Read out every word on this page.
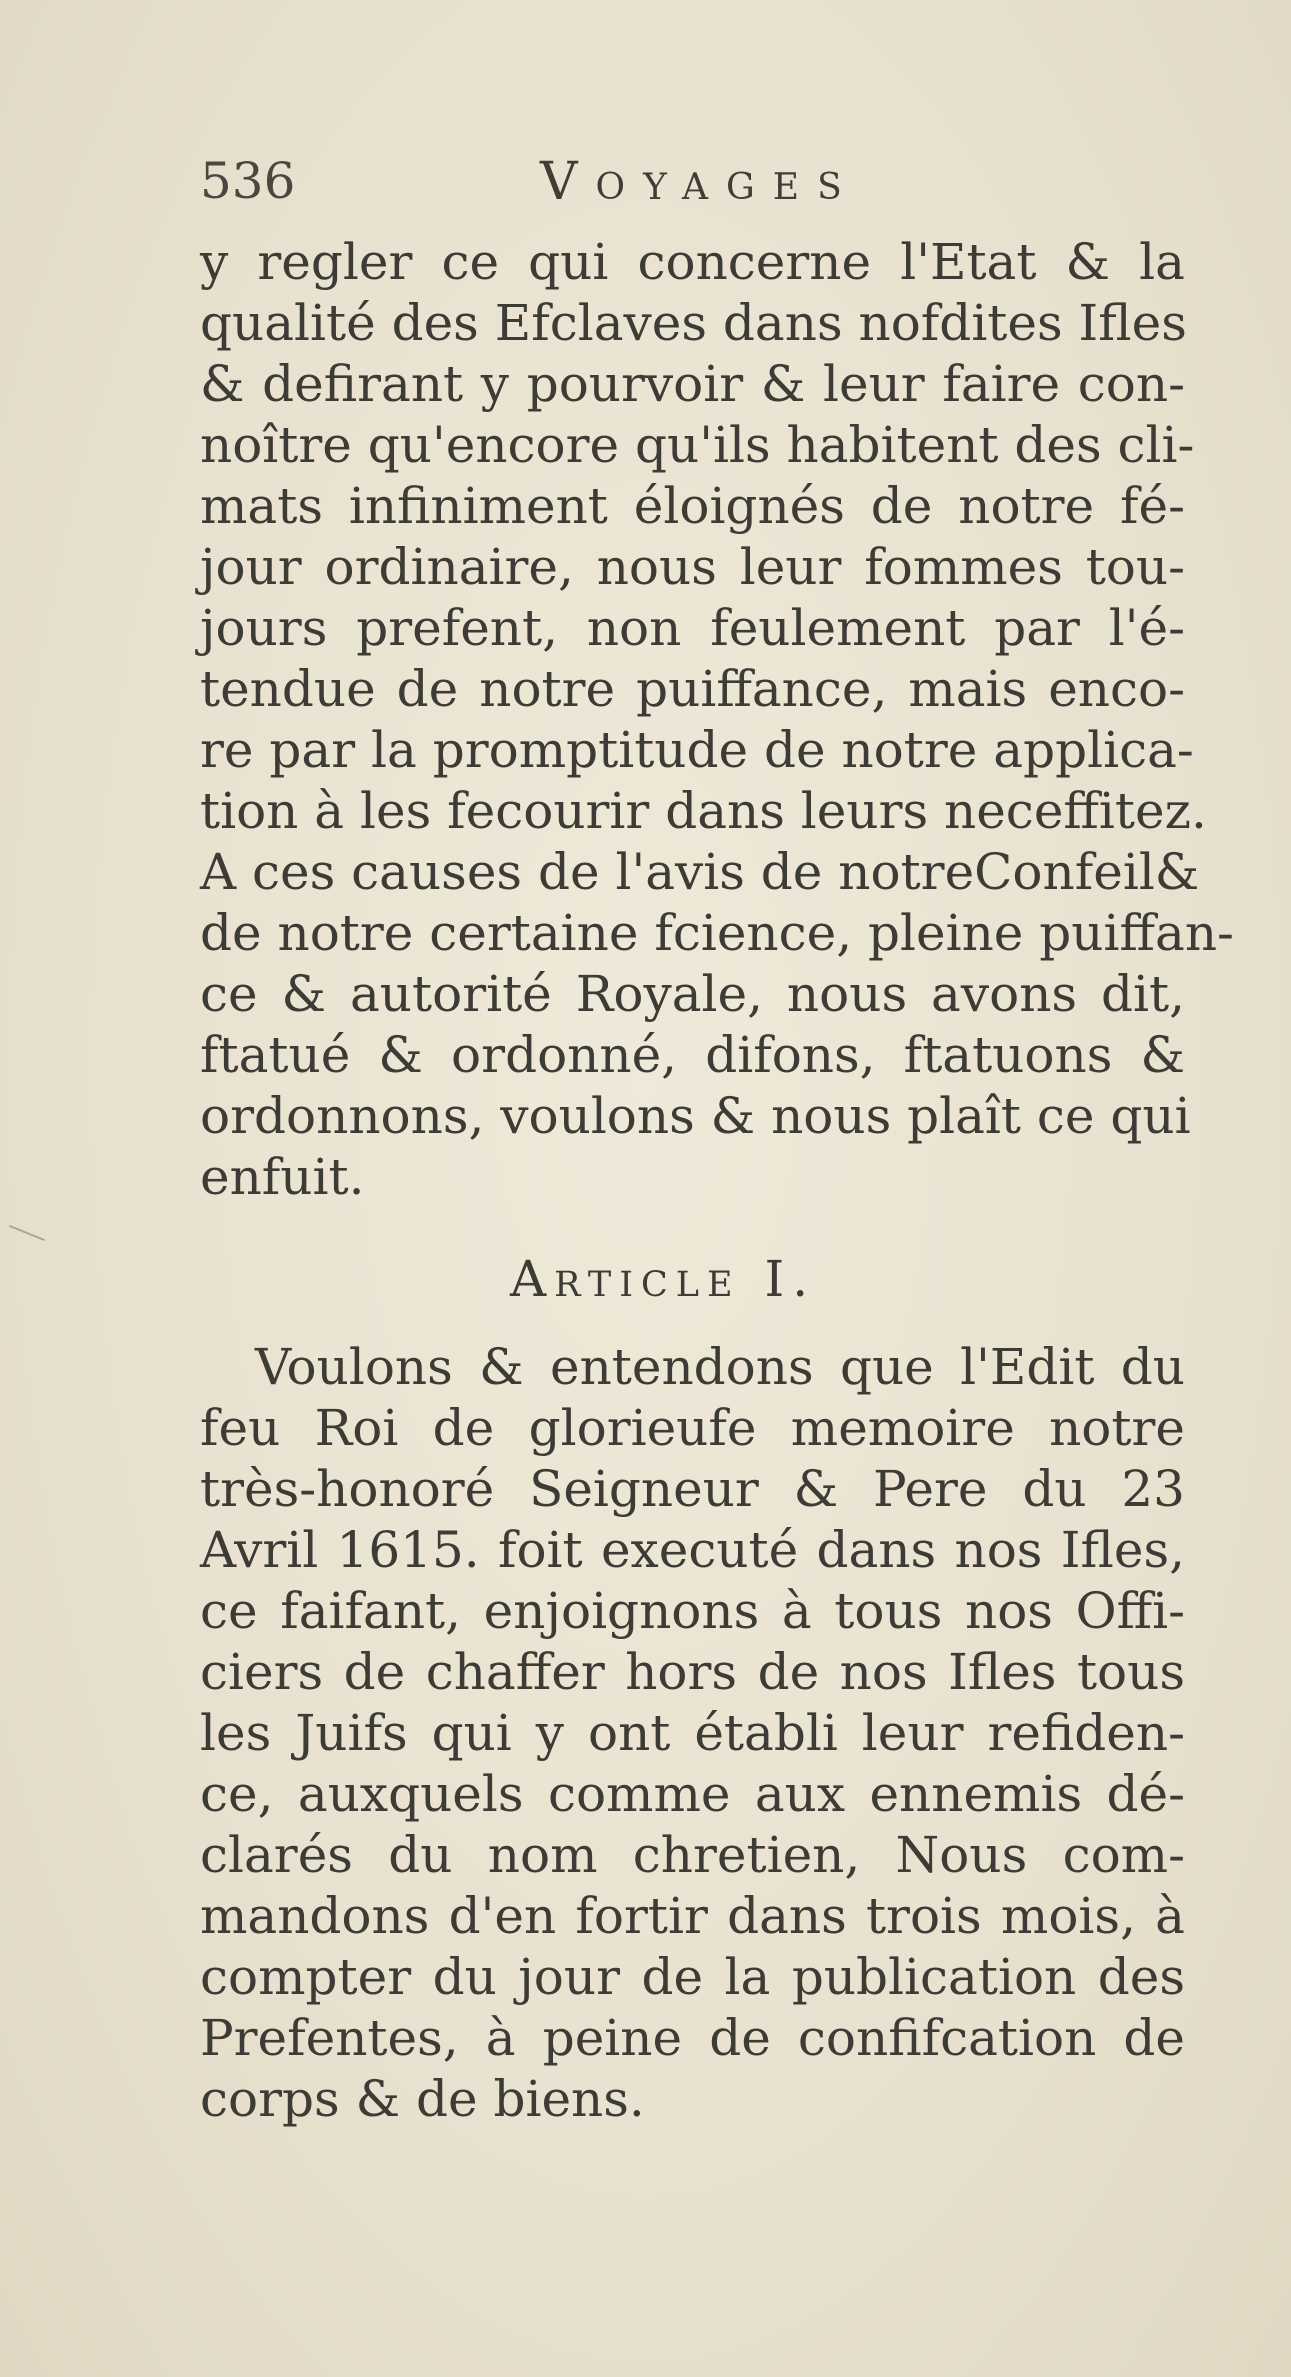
536	Voyages
y regler ce qui concerne l'Etat & la
qualité des Efclaves dans nofdites Ifles
& defirant y pourvoir & leur faire con-
noître qu'encore qu'ils habitent des cli-
mats infiniment éloignés de notre fé-
jour ordinaire, nous leur fommes tou-
jours prefent, non feulement par l'é-
tendue de notre puiffance, mais enco-
re par la promptitude de notre applica-
tion à les fecourir dans leurs neceffitez.
A ces causes de l'avis de notreConfeil&
de notre certaine fcience, pleine puiffan-
ce & autorité Royale, nous avons dit,
ftatué & ordonné, difons, ftatuons &
ordonnons, voulons & nous plaît ce qui
enfuit.
Article I.
Voulons & entendons que l'Edit du
feu Roi de glorieufe memoire notre
très-honoré Seigneur & Pere du 23
Avril 1615. foit executé dans nos Ifles,
ce faifant, enjoignons à tous nos Offi-
ciers de chaffer hors de nos Ifles tous
les Juifs qui y ont établi leur refiden-
ce, auxquels comme aux ennemis dé-
clarés du nom chretien, Nous com-
mandons d'en fortir dans trois mois, à
compter du jour de la publication des
Prefentes, à peine de confifcation de
corps & de biens.
